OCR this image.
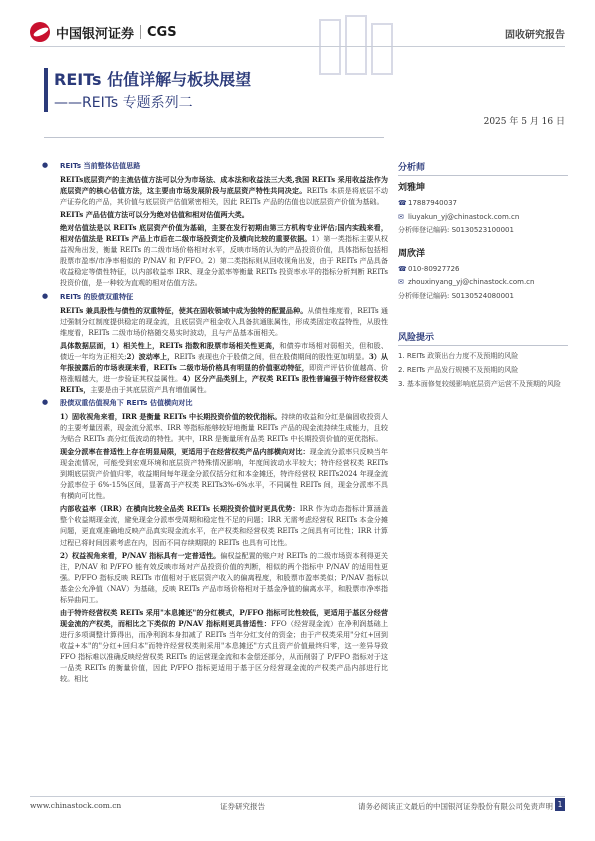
中国银河证券 CGS	固收研究报告
REITs 估值详解与板块展望
——REITs 专题系列二
2025 年 5 月 16 日
● REITs 当前整体估值思路

REITs底层资产的主流估值方法可以分为市场法、成本法和收益法三大类,我国 REITs 采用收益法作为底层资产的核心估值方法，这主要由市场发展阶段与底层资产特性共同决定。REITs 本质是将底层不动产证券化的产品，其价值与底层资产估值紧密相关，因此 REITs 产品的估值也以底层资产价值为基础。

REITs 产品估值方法可以分为绝对估值和相对估值两大类。

绝对估值法是以 REITs 底层资产价值为基础，主要在发行初期由第三方机构专业评估;国内实践来看，相对估值法是 REITs 产品上市后在二级市场投资定价及横向比较的重要依据。1）第一类指标主要从权益视角出发，衡量 REITs 的二级市场价格相对水平，反映市场的认为的产品投资价值，具体指标包括相股票市盈率/市净率相似的 P/NAV 和 P/FFO。2）第二类指标则从回收视角出发，由于 REITs 产品具备收益稳定等债性特征，以内部收益率 IRR、现金分派率等衡量 REITs 投资率水平的指标分析判断 REITs 投资价值，是一种较为直观的相对估值方法。

● REITs 的股债双重特征

REITs 兼具股性与债性的双重特征，使其在固收领域中成为独特的配置品种。从债性维度看，REITs 通过强制分红制度提供稳定的现金流，且底层资产租金收入具备抗通胀属性，形成类固定收益特性，从股性维度看，REITs 二级市场价格随交易实时波动，且与产品基本面相关。

具体数据层面，1）相关性上，REITs 指数和股票市场相关性更高，和债券市场相对弱相关，但和股、债近一年均为正相关;2）波动率上，REITs 表现也介于股债之间，但在股债期间的股性更加明显。3）从年报披露后的市场表现来看，REITs 二级市场价格具有明显的价值驱动特征，即资产评估价值越高、价格涨幅越大，进一步验证其权益属性。4）区分产品类别上，产权类 REITs 股性普遍强于特许经营权类 REITs，主要是由于其底层资产具有增值属性。

● 股债双重估值视角下 REITs 估值横向对比

1）固收视角来看，IRR 是衡量 REITs 中长期投资价值的较优指标。持续的收益和分红是偏固收投资人的主要考量因素，现金流分派率、IRR 等指标能够较好地衡量 REITs 产品的现金流持续生成能力，且较为贴合 REITs 高分红低波动的特性。其中，IRR 是衡量所有品类 REITs 中长期投资价值的更优指标。

现金分派率在普适性上存在明显局限，更适用于在经营权类产品内部横向对比：现金流分派率只反映当年现金流情况，可能受到宏观环境和底层资产特殊情况影响，年度间波动水平较大；特许经营权类 REITs 到期底层资产价值归零，收益期间每年现金分派仅括分红和本金摊还，特许经营权 REITs2024 年现金流分派率位于 6%-15%区间，显著高于产权类 REITs3%-6%水平，不同属性 REITs 间，现金分派率不具有横向可比性。

内部收益率（IRR）在横向比较全品类 REITs 长期投资价值时更具优势：IRR 作为动态指标计算涵盖整个收益期现金流，避免现金分派率受周期和稳定性不足的问题；IRR 无需考虑经营权 REITs 本金分摊问题，更直观准确地反映产品真实现金流水平，在产权类和经营权类 REITs 之间具有可比性；IRR 计算过程已将时间因素考虑在内，因而不同存续期限的 REITs 也具有可比性。

2）权益视角来看，P/NAV 指标具有一定普适性。偏权益配置的账户对 REITs 的二级市场资本利得更关注，P/NAV 和 P/FFO 能有效反映市场对产品投资价值的判断，相似的两个指标中 P/NAV 的适用性更强。P/FFO 指标反映 REITs 市值相对于底层资产收入的偏离程度，和股票市盈率类似；P/NAV 指标以基金公允净值（NAV）为基础，反映 REITs 产品市场价格相对于基金净值的偏离水平，和股票市净率指标异曲同工。

由于特许经营权类 REITs 采用"本息摊还"的分红模式，P/FFO 指标可比性较低，更适用于基区分经营现金流的产权类，而相比之下类似的 P/NAV 指标则更具普适性：FFO（经营现金流）在净利润基础上进行多项调整计算得出，而净利润本身扣减了 REITs 当年分红支付的资金；由于产权类采用"分红+回到收益+本"的"分红+回归本"而特许经营权类则采用"本息摊还"方式且资产价值最终归零，这一差异导致 FFO 指标难以准确反映经营权类 REITs 的运营现金流和本金偿还部分，从而削弱了 P/FFO 指标对于这一品类 REITs 的衡量价值，因此 P/FFO 指标更适用于基于区分经营现金流的产权类产品内部进行比较。相比

分析师
刘雅坤
☎17887940037
✉ liuyakun_yj@chinastock.com.cn
分析师登记编码: S0130523100001
周欣洋
☎010-80927726
✉ zhouxinyang_yj@chinastock.com.cn
分析师登记编码: S0130524080001
风险提示
1. REITs 政策出台力度不及预期的风险
2. REITs 产品发行规模不及预期的风险
3. 基本面修复较缓影响底层资产运营不及预期的风险
www.chinastock.com.cn	证券研究报告	请务必阅读正文最后的中国银河证券股份有限公司免责声明 1
